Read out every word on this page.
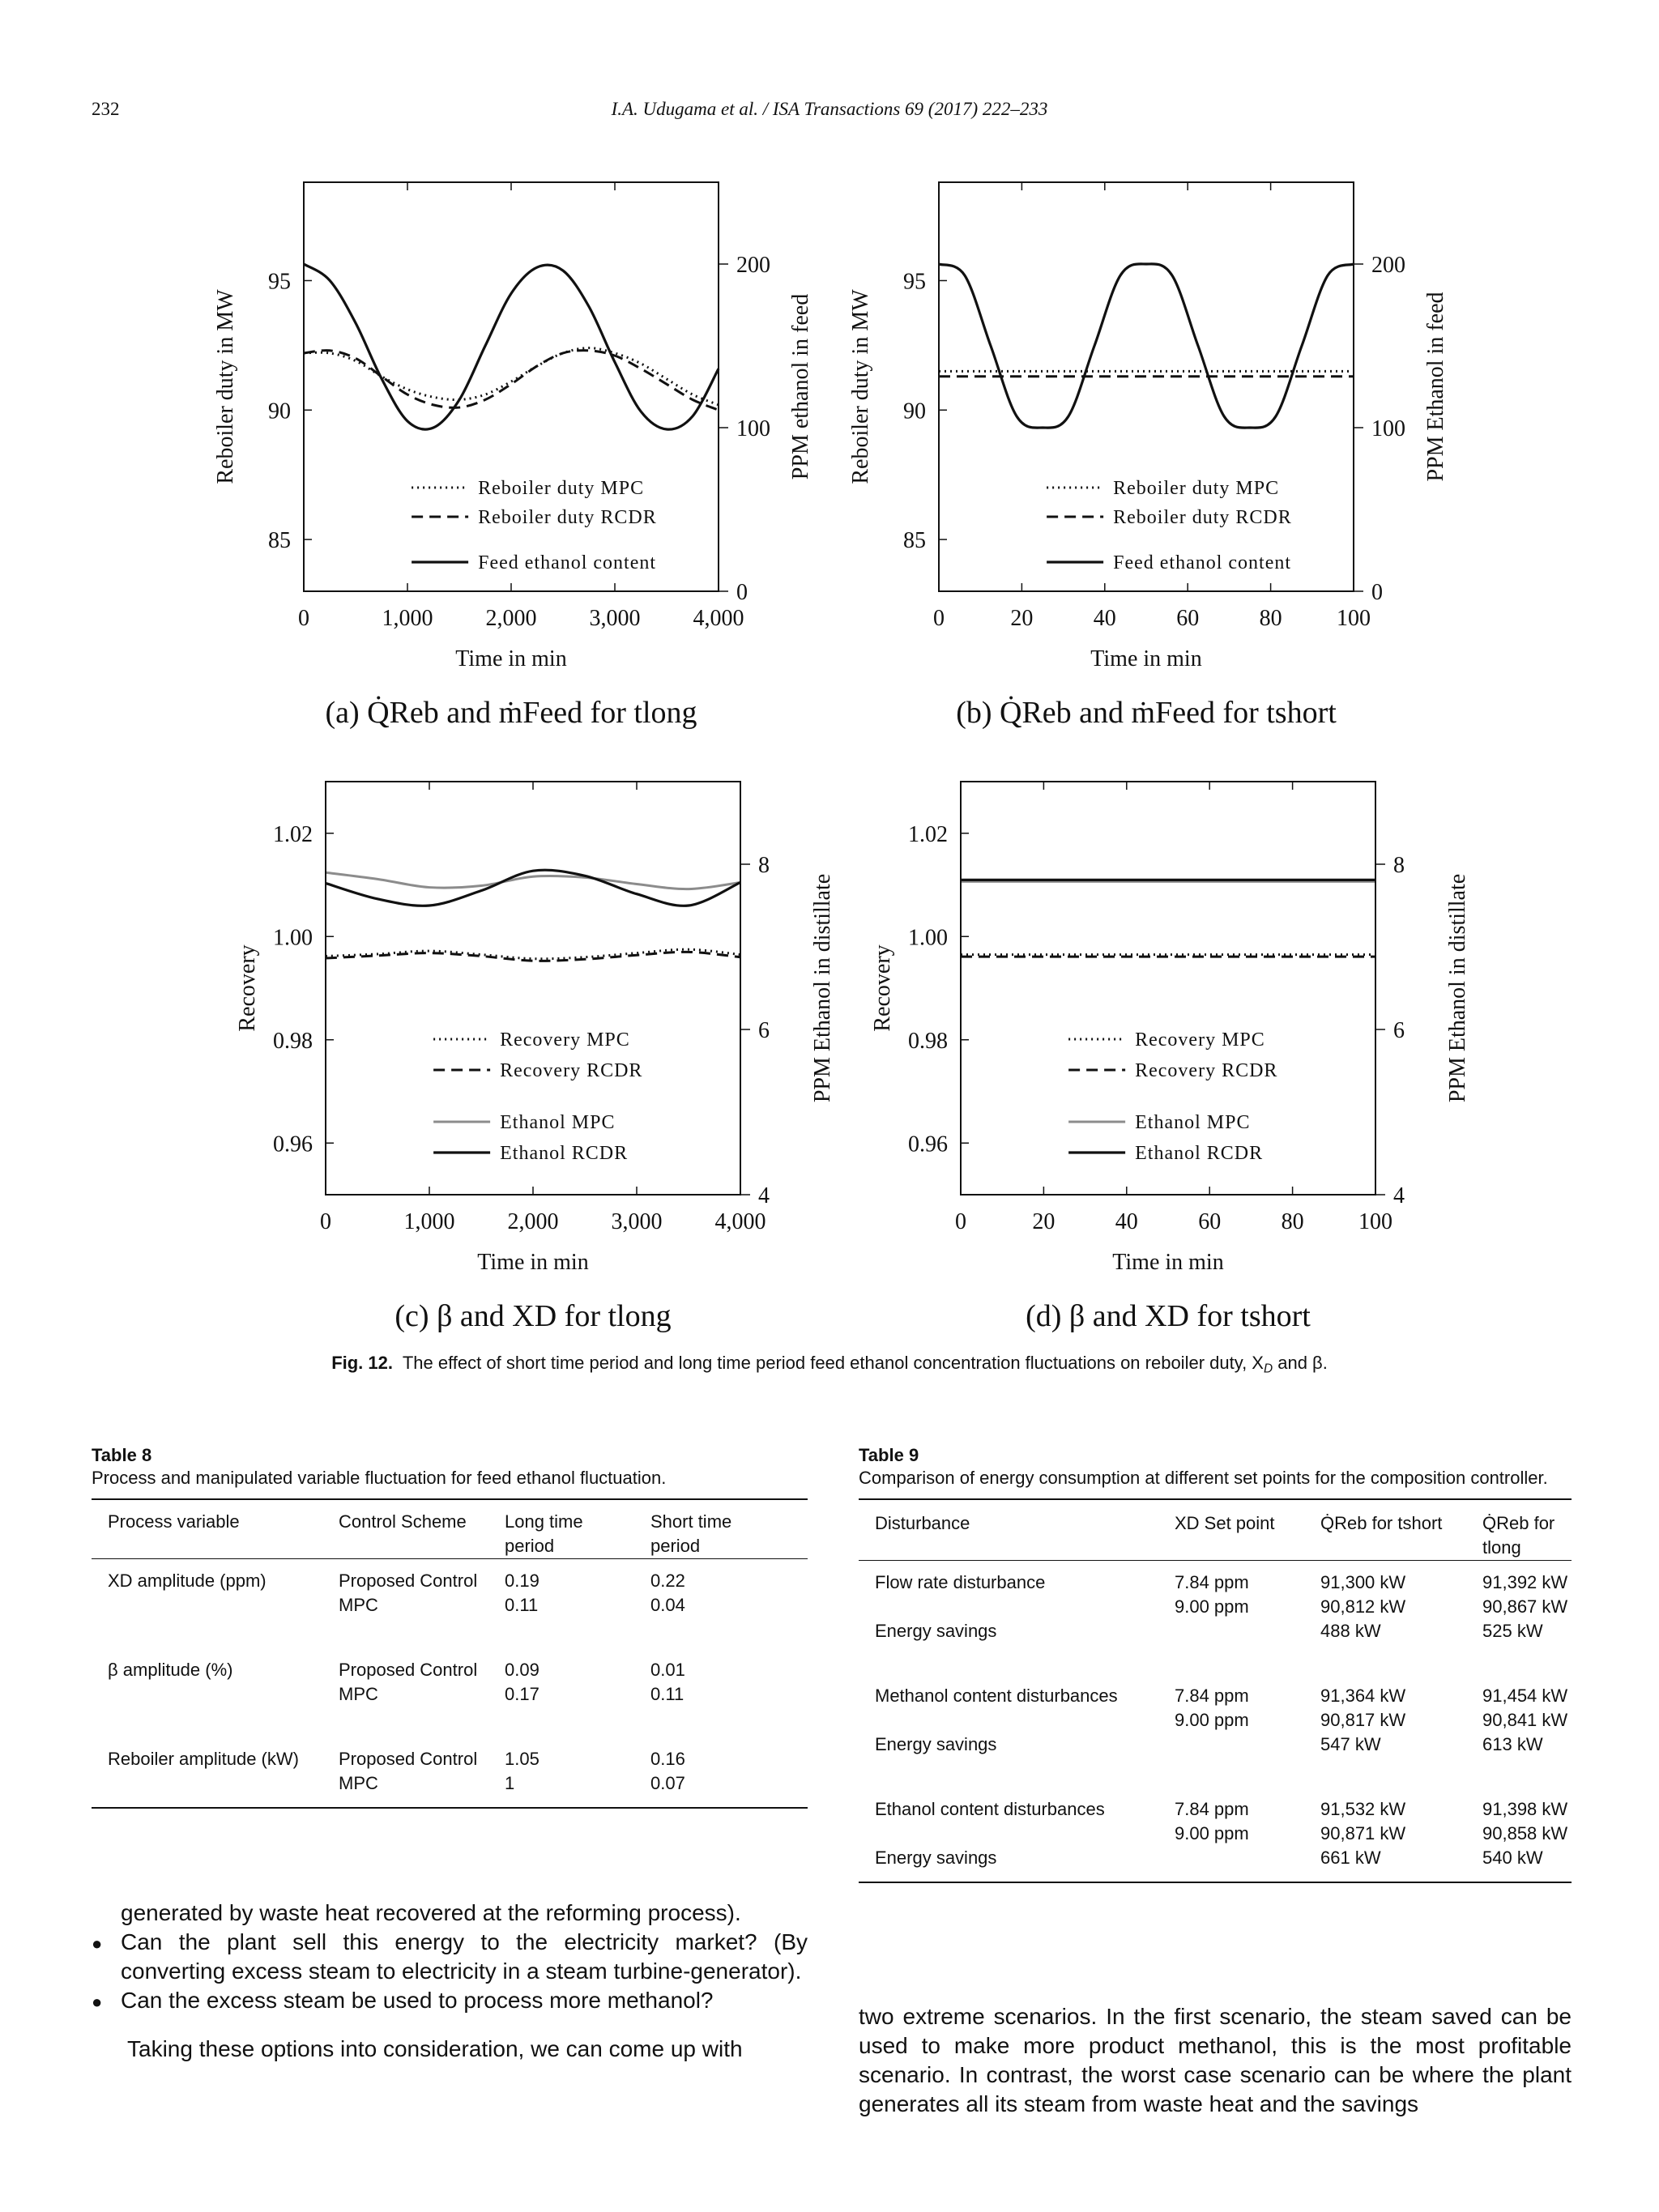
232	I.A. Udugama et al. / ISA Transactions 69 (2017) 222–233
0	1,000 2,000 3,000 4,000
85
90
95
0
100
200
Time in min
Reboiler duty in MW	PPM ethanol in feed
Reboiler duty MPC
Reboiler duty RCDR
Feed ethanol content
(a) Q̇Reb and ṁFeed for tlong
0	20	40	60	80 100
85
90
95
0
100
200
Time in min
Reboiler duty in MW	PPM Ethanol in feed
Reboiler duty MPC
Reboiler duty RCDR
Feed ethanol content
(b) Q̇Reb and ṁFeed for tshort
0	1,000 2,000 3,000 4,000
0.96
0.98
1.00
1.02
4
6
8
Time in min
Recovery	PPM Ethanol in distillate
Recovery MPC
Recovery RCDR
Ethanol MPC
Ethanol RCDR
(c) β and XD for tlong
0	20	40	60	80 100
0.96
0.98
1.00
1.02
4
6
8
Time in min
Recovery	PPM Ethanol in distillate
Recovery MPC
Recovery RCDR
Ethanol MPC
Ethanol RCDR
(d) β and XD for tshort
Fig. 12. The effect of short time period and long time period feed ethanol concentration fluctuations on reboiler duty, $X_D$ and β.
Table 8
Process and manipulated variable fluctuation for feed ethanol fluctuation.
Process variable	Control Scheme	Long time period	Short time period

XD amplitude (ppm)	Proposed Control	0.19	0.22
	MPC	0.11	0.04
β amplitude (%)	Proposed Control	0.09	0.01
	MPC	0.17	0.11
Reboiler amplitude (kW)	Proposed Control	1.05	0.16
	MPC	1	0.07
Table 9
Comparison of energy consumption at different set points for the composition controller.
Disturbance	XD Set point	Q̇Reb for tshort	Q̇Reb for tlong
Flow rate disturbance	7.84 ppm	91,300 kW	91,392 kW
	9.00 ppm	90,812 kW	90,867 kW
Energy savings		488 kW	525 kW
Methanol content disturbances	7.84 ppm	91,364 kW	91,454 kW
	9.00 ppm	90,817 kW	90,841 kW
Energy savings		547 kW	613 kW
Ethanol content disturbances	7.84 ppm	91,532 kW	91,398 kW
	9.00 ppm	90,871 kW	90,858 kW
Energy savings		661 kW	540 kW
generated by waste heat recovered at the reforming process).
● Can the plant sell this energy to the electricity market? (By converting excess steam to electricity in a steam turbine-generator).
● Can the excess steam be used to process more methanol?
Taking these options into consideration, we can come up with
two extreme scenarios. In the first scenario, the steam saved can be used to make more product methanol, this is the most profitable scenario. In contrast, the worst case scenario can be where the plant generates all its steam from waste heat and the savings
